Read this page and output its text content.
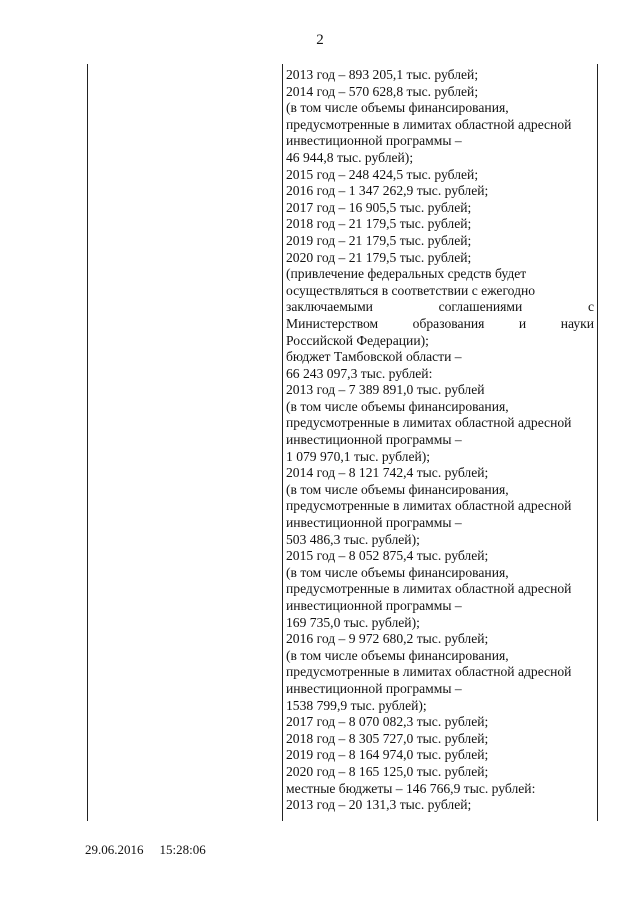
2
2013 год – 893 205,1 тыс. рублей;
2014 год – 570 628,8 тыс. рублей;
(в том числе объемы финансирования,
предусмотренные в лимитах областной адресной
инвестиционной программы –
46 944,8 тыс. рублей);
2015 год – 248 424,5 тыс. рублей;
2016 год – 1 347 262,9 тыс. рублей;
2017 год – 16 905,5 тыс. рублей;
2018 год – 21 179,5 тыс. рублей;
2019 год – 21 179,5 тыс. рублей;
2020 год – 21 179,5 тыс. рублей;
(привлечение федеральных средств будет
осуществляться в соответствии с ежегодно
заключаемыми	соглашениями	с
Министерством	образования	и	науки
Российской Федерации);
бюджет Тамбовской области –
66 243 097,3 тыс. рублей:
2013 год – 7 389 891,0 тыс. рублей
(в том числе объемы финансирования,
предусмотренные в лимитах областной адресной
инвестиционной программы –
1 079 970,1 тыс. рублей);
2014 год – 8 121 742,4 тыс. рублей;
(в том числе объемы финансирования,
предусмотренные в лимитах областной адресной
инвестиционной программы –
503 486,3 тыс. рублей);
2015 год – 8 052 875,4 тыс. рублей;
(в том числе объемы финансирования,
предусмотренные в лимитах областной адресной
инвестиционной программы –
169 735,0 тыс. рублей);
2016 год – 9 972 680,2 тыс. рублей;
(в том числе объемы финансирования,
предусмотренные в лимитах областной адресной
инвестиционной программы –
1538 799,9 тыс. рублей);
2017 год – 8 070 082,3 тыс. рублей;
2018 год – 8 305 727,0 тыс. рублей;
2019 год – 8 164 974,0 тыс. рублей;
2020 год – 8 165 125,0 тыс. рублей;
местные бюджеты – 146 766,9 тыс. рублей:
2013 год – 20 131,3 тыс. рублей;
29.06.2016 15:28:06
